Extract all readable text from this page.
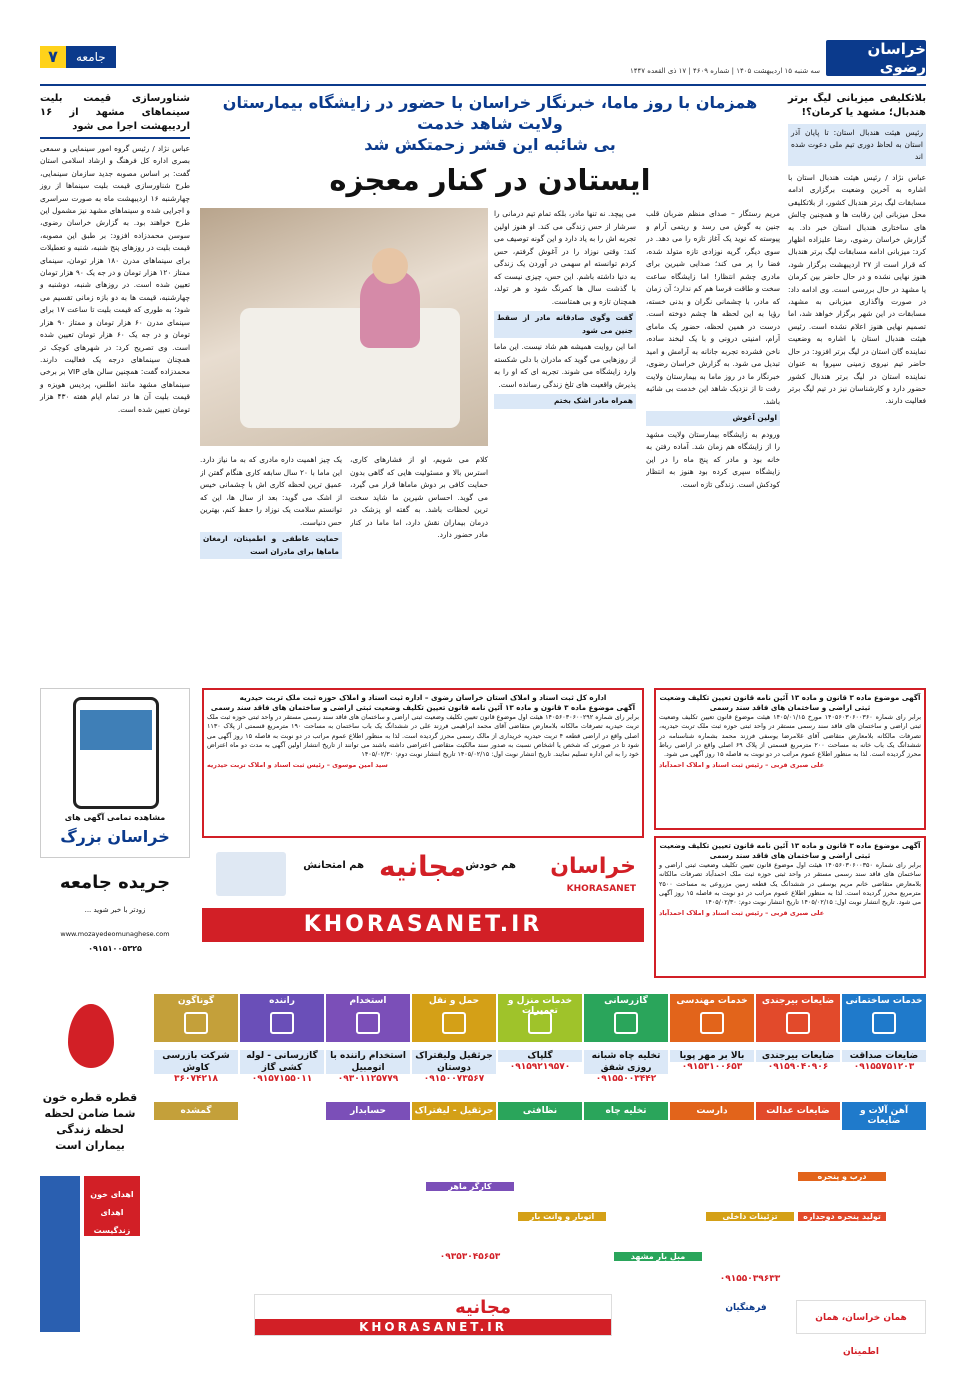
خراسان رضوی
سه شنبه ۱۵ اردیبهشت ۱۴۰۵ | شماره ۴۶۰۹ | ۱۷ ذی القعده ۱۴۴۷
۷	جامعه
بلاتکلیفی میزبانی لیگ برتر هندبال؛ مشهد یا کرمان؟!
رئیس هیئت هندبال استان: تا پایان آذر استان به لحاظ دوری تیم ملی دعوت شده اند
عباس نژاد / رئیس هیئت هندبال استان با اشاره به آخرین وضعیت برگزاری ادامه مسابقات لیگ برتر هندبال کشور، از بلاتکلیفی محل میزبانی این رقابت ها و همچنین چالش های ساختاری هندبال استان خبر داد. به گزارش خراسان رضوی، رضا علیزاده اظهار کرد: میزبانی ادامه مسابقات لیگ برتر هندبال که قرار است از ۲۷ اردیبهشت برگزار شود، هنوز نهایی نشده و در حال حاضر بین کرمان یا مشهد در حال بررسی است. وی ادامه داد: در صورت واگذاری میزبانی به مشهد، مسابقات در این شهر برگزار خواهد شد، اما تصمیم نهایی هنوز اعلام نشده است. رئیس هیئت هندبال استان با اشاره به وضعیت نماینده گان استان در لیگ برتر افزود: در حال حاضر تیم نیروی زمینی سپروا به عنوان نماینده استان در لیگ برتر هندبال کشور حضور دارد و کارشناسان نیز در تیم لیگ برتر فعالیت دارند.
شناورسازی قیمت بلیت سینماهای مشهد از ۱۶ اردیبهشت اجرا می شود
عباس نژاد / رئیس گروه امور سینمایی و سمعی بصری اداره کل فرهنگ و ارشاد اسلامی استان گفت: بر اساس مصوبه جدید سازمان سینمایی، طرح شناورسازی قیمت بلیت سینماها از روز چهارشنبه ۱۶ اردیبهشت ماه به صورت سراسری و اجرایی شده و سینماهای مشهد نیز مشمول این طرح خواهند بود. به گزارش خراسان رضوی، سوسن محمدزاده افزود: بر طبق این مصوبه، قیمت بلیت در روزهای پنج شنبه، شنبه و تعطیلات برای سینماهای مدرن ۱۸۰ هزار تومان، سینمای ممتاز ۱۲۰ هزار تومان و در جه یک ۹۰ هزار تومان تعیین شده است. در روزهای شنبه، دوشنبه و چهارشنبه، قیمت ها به دو بازه زمانی تقسیم می شود؛ به طوری که قیمت بلیت تا ساعت ۱۷ برای سینمای مدرن ۶۰ هزار تومان و ممتاز ۹۰ هزار تومان و در جه یک ۶۰ هزار تومان تعیین شده است. وی تصریح کرد: در شهرهای کوچک تر همچنان سینماهای درجه یک فعالیت دارند. محمدزاده گفت: همچنین سالن های VIP بر برخی سینماهای مشهد مانند اطلس، پردیس هویزه و قیمت بلیت آن ها در تمام ایام هفته ۴۳۰ هزار تومان تعیین شده است.
همزمان با روز ماما، خبرنگار خراسان با حضور در زایشگاه بیمارستان ولایت شاهد خدمت
بی شائبه این قشر زحمتکش شد
ایستادن در کنار معجزه
مریم رستگار – صدای منظم ضربان قلب جنین به گوش می رسد و ریتمی آرام و پیوسته که نوید یک آغاز تازه را می دهد. در سوی دیگر، گریه نوزادی تازه متولد شده، فضا را پر می کند؛ صدایی شیرین برای مادری چشم انتظار! اما زایشگاه ساعت سخت و طاقت فرسا هم کم ندارد؛ آن زمان که مادر، با چشمانی نگران و بدنی خسته، رؤیا به این لحظه ها چشم دوخته است. درست در همین لحظه، حضور یک مامای آرام، امنیتی درونی و با یک لبخند ساده، ناخن فشرده تجربه جانانه به آرامش و امید تبدیل می شود. به گزارش خراسان رضوی، خبرنگار ما در روز ماما به بیمارستان ولایت رفت تا از نزدیک شاهد این خدمت بی شائبه باشد.
اولین آغوش
ورودم به زایشگاه بیمارستان ولایت مشهد را از زایشگاه هم زمان شد. آماده رفتن به خانه بود و مادر که پنج ماه را در این زایشگاه سپری کرده بود هنوز به انتظار کودکش است. زندگی تازه است.
می پیچد. نه تنها مادر، بلکه تمام تیم درمانی را سرشار از حس زندگی می کند. او هنوز اولین تجربه اش را به یاد دارد و این گونه توصیف می کند: وقتی نوزاد را در آغوش گرفتم، حس کردم توانسته ام سهمی در آوردن یک زندگی به دنیا داشته باشم. این حس، چیزی نیست که با گذشت سال ها کمرنگ شود و هر تولد، همچنان تازه و بی همتاست.
گفت وگوی صادقانه مادر از سقط جنین می شود
اما این روایت همیشه هم شاد نیست. این ماما از روزهایی می گوید که مادران با دلی شکسته وارد زایشگاه می شوند. تجربه ای که او را به پذیرش واقعیت های تلخ زندگی رسانده است.
همراه مادر اشک بختم
کلام می شویم، او از فشارهای کاری، استرس بالا و مسئولیت هایی که گاهی بدون حمایت کافی بر دوش ماماها قرار می گیرد، می گوید. احساس شیرین ما شاید سخت ترین لحظات باشد. به گفته او پزشک در درمان بیماران نقش دارد، اما ماما در کنار مادر حضور دارد.
یک چیز اهمیت داره مادری که به ما نیاز دارد. این ماما با ۲۰ سال سابقه کاری هنگام گفتن از عمیق ترین لحظه کاری اش با چشمانی خیس از اشک می گوید: بعد از سال ها، این که توانستم سلامت یک نوزاد را حفظ کنم، بهترین حس دنیاست.
حمایت عاطفی و اطمینان، ارمغان ماماها برای مادران است
آگهی موضوع ماده ۳ قانون و ماده ۱۳ آئین نامه قانون تعیین تکلیف وضعیت ثبتی اراضی و ساختمان های فاقد سند رسمی
برابر رای شماره ۱۴۰۵۶۰۳۰۶۰۰۳۶۰ مورخ ۱۴۰۵/۰۱/۱۵ هیئت موضوع قانون تعیین تکلیف وضعیت ثبتی اراضی و ساختمان های فاقد سند رسمی مستقر در واحد ثبتی حوزه ثبت ملک تربت حیدریه، تصرفات مالکانه بلامعارض متقاضی آقای غلامرضا یوسفی فرزند محمد بشماره شناسنامه در ششدانگ یک باب خانه به مساحت ۲۰۰ مترمربع قسمتی از پلاک ۶۹ اصلی واقع در اراضی رباط محرز گردیده است. لذا به منظور اطلاع عموم مراتب در دو نوبت به فاصله ۱۵ روز آگهی می شود.
علی صبری قربی – رئیس ثبت اسناد و املاک احمدآباد
آگهی موضوع ماده ۳ قانون و ماده ۱۳ آئین نامه قانون تعیین تکلیف وضعیت ثبتی اراضی و ساختمان های فاقد سند رسمی
برابر رای شماره ۱۴۰۵۶۰۳۰۶۰۰۳۵۰ هیئت اول موضوع قانون تعیین تکلیف وضعیت ثبتی اراضی و ساختمان های فاقد سند رسمی مستقر در واحد ثبتی حوزه ثبت ملک احمدآباد تصرفات مالکانه بلامعارض متقاضی خانم مریم یوسفی در ششدانگ یک قطعه زمین مزروعی به مساحت ۲۵۰۰ مترمربع محرز گردیده است. لذا به منظور اطلاع عموم مراتب در دو نوبت به فاصله ۱۵ روز آگهی می شود. تاریخ انتشار نوبت اول: ۱۴۰۵/۰۲/۱۵ تاریخ انتشار نوبت دوم: ۱۴۰۵/۰۲/۳۰
علی صبری قربی – رئیس ثبت اسناد و املاک احمدآباد
اداره کل ثبت اسناد و املاک استان خراسان رضوی – اداره ثبت اسناد و املاک حوزه ثبت ملک تربت حیدریه
آگهی موضوع ماده ۳ قانون و ماده ۱۳ آئین نامه قانون تعیین تکلیف وضعیت ثبتی اراضی و ساختمان های فاقد سند رسمی
برابر رای شماره ۱۴۰۵۶۰۳۰۶۰۰۲۹۲ هیئت اول موضوع قانون تعیین تکلیف وضعیت ثبتی اراضی و ساختمان های فاقد سند رسمی مستقر در واحد ثبتی حوزه ثبت ملک تربت حیدریه تصرفات مالکانه بلامعارض متقاضی آقای محمد ابراهیمی فرزند علی در ششدانگ یک باب ساختمان به مساحت ۱۹۰ مترمربع قسمتی از پلاک ۱۱۳۰ اصلی واقع در اراضی قطعه ۴ تربت حیدریه خریداری از مالک رسمی محرز گردیده است. لذا به منظور اطلاع عموم مراتب در دو نوبت به فاصله ۱۵ روز آگهی می شود تا در صورتی که شخص یا اشخاص نسبت به صدور سند مالکیت متقاضی اعتراضی داشته باشند می توانند از تاریخ انتشار اولین آگهی به مدت دو ماه اعتراض خود را به این اداره تسلیم نمایند. تاریخ انتشار نوبت اول: ۱۴۰۵/۰۲/۱۵ تاریخ انتشار نوبت دوم: ۱۴۰۵/۰۲/۳۰
سید امین موسوی – رئیس ثبت اسناد و املاک تربت حیدریه
خراسان
KHORASANET
هم خودش
مجانیه
هم امتحانش
KHORASANET.IR
مشاهده تمامی آگهی های
خراسان بزرگ
جریده جامعه
زودتر با خبر شوید ...
www.mozayedeomunaghese.com
۰۹۱۵۱۰۰۵۳۲۵
خدمات ساختمانی
ضایعات بیرجندی
خدمات مهندسی
گازرسانی
خدمات منزل و تعمیرات
حمل و نقل
استخدام
راننده
گوناگون
آهن آلات و ضایعات
ضایعات عدالت
دارست
تخلیه چاه
نظافتی
جرثقیل - لیفتراک
حسابدار
گمشده
ضایعات صداقت
۰۹۱۵۵۷۵۱۲۰۳
ضایعات بیرجندی
۰۹۱۵۹۰۴۰۹۰۶
بالا بر مهر پویا
۰۹۱۵۳۱۰۰۶۵۳
تخلیه چاه شبانه روزی شفق
۰۹۱۵۵۰۰۳۴۴۲
گلپاک
۰۹۱۵۹۲۱۹۵۷۰
جرثقیل ولیفتراک دوستان
۰۹۱۵۰۰۷۳۵۶۷
استخدام راننده با اتومبیل
۰۹۳۰۱۱۲۵۷۷۹
گازرسانی - لوله کشی گاز
۰۹۱۵۷۱۵۵۰۱۱
شرکت بازرسی کاوش
۳۶۰۷۴۲۱۸
قطره قطره خون شما ضامن لحظه لحظه زندگی بیماران است
اهدای خون
اهدای زندگیست
مجانیه
KHORASANET.IR
همان خراسان، همان اطمینان
فرهنگیان
تزئینات داخلی	تولید پنجره دوجداره
مبل بار مشهد
اتوبار و وانت بار
کارگر ماهر
درب و پنجره
۰۹۳۵۳۰۴۵۶۵۳
۰۹۱۵۵۰۳۹۶۳۳
